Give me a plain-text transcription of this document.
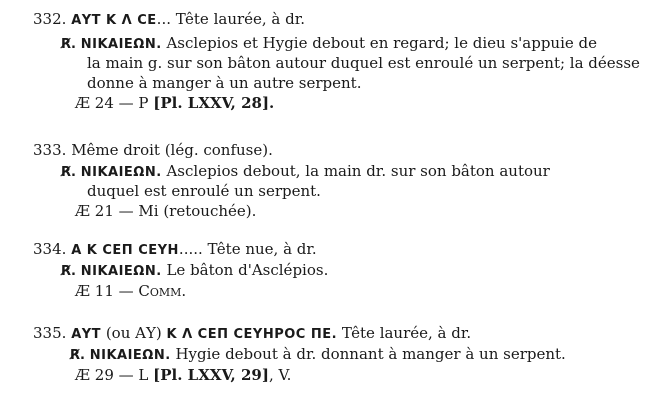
332. ΑΥΤ Κ Λ CΕ... Tête laurée, à dr.
R̸. ΝΙΚΑΙΕΩΝ. Asclepios et Hygie debout en regard; le dieu s'appuie de
la main g. sur son bâton autour duquel est enroulé un serpent; la déesse
donne à manger à un autre serpent.
Æ 24 — P [Pl. LXXV, 28].
333. Même droit (lég. confuse).
R̸. ΝΙΚΑΙΕΩΝ. Asclepios debout, la main dr. sur son bâton autour
duquel est enroulé un serpent.
Æ 21 — Mi (retouchée).
334. Α Κ CΕΠ CΕΥΗ..... Tête nue, à dr.
R̸. ΝΙΚΑΙΕΩΝ. Le bâton d'Asclépios.
Æ 11 — Comm.
335. ΑΥΤ (ou ΑΥ) Κ Λ CΕΠ CΕΥΗΡΟC ΠΕ. Tête laurée, à dr.
R̸. ΝΙΚΑΙΕΩΝ. Hygie debout à dr. donnant à manger à un serpent.
Æ 29 — L [Pl. LXXV, 29], V.
